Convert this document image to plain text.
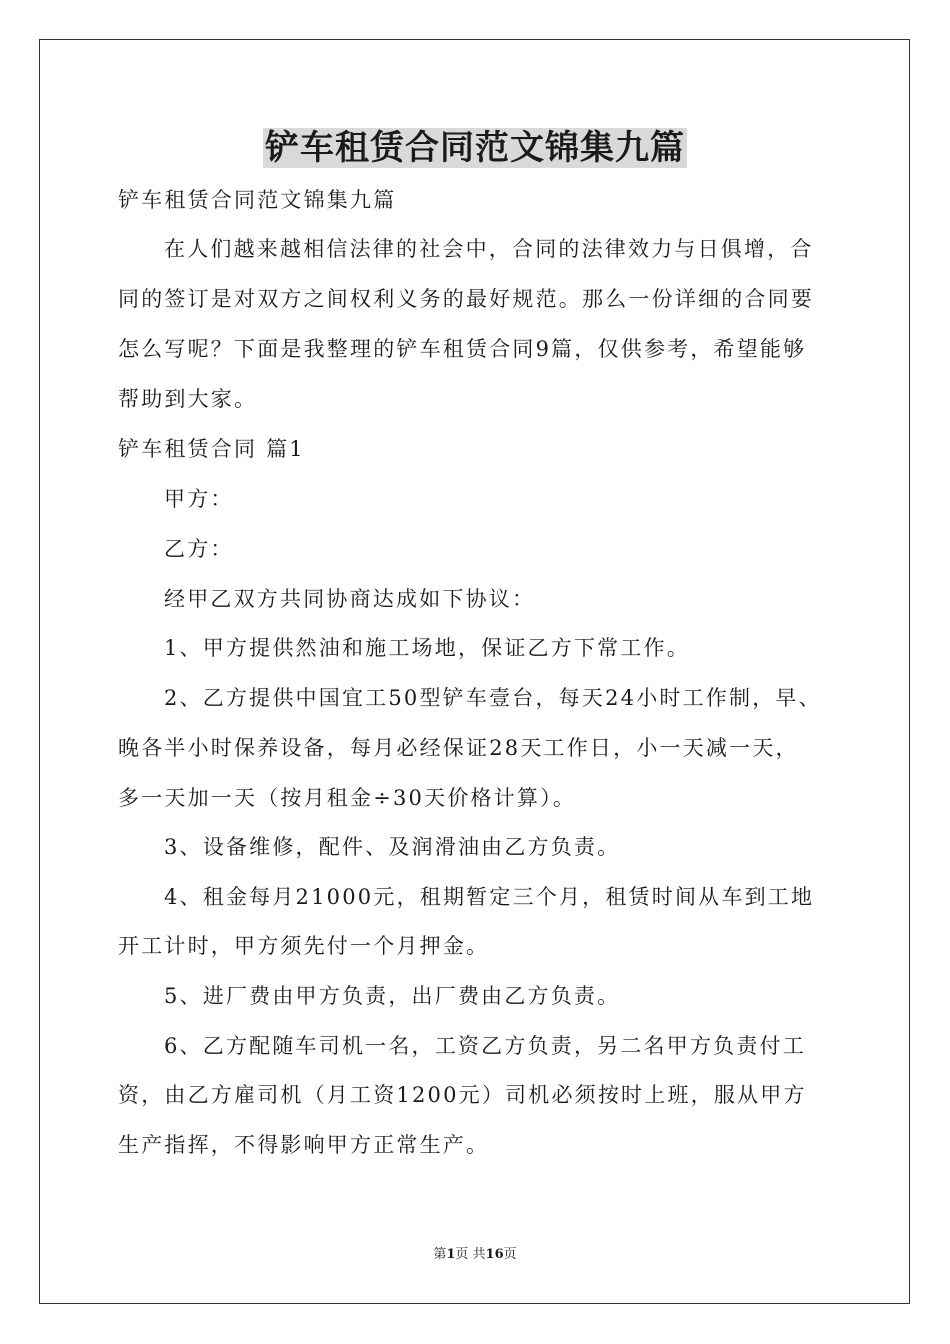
铲车租赁合同范文锦集九篇
铲车租赁合同范文锦集九篇
在人们越来越相信法律的社会中，合同的法律效力与日俱增，合
同的签订是对双方之间权利义务的最好规范。那么一份详细的合同要
怎么写呢？下面是我整理的铲车租赁合同9篇，仅供参考，希望能够
帮助到大家。
铲车租赁合同 篇1
甲方：
乙方：
经甲乙双方共同协商达成如下协议：
1、甲方提供然油和施工场地，保证乙方下常工作。
2、乙方提供中国宜工50型铲车壹台，每天24小时工作制，早、
晚各半小时保养设备，每月必经保证28天工作日，小一天减一天，
多一天加一天（按月租金÷30天价格计算）。
3、设备维修，配件、及润滑油由乙方负责。
4、租金每月21000元，租期暂定三个月，租赁时间从车到工地
开工计时，甲方须先付一个月押金。
5、进厂费由甲方负责，出厂费由乙方负责。
6、乙方配随车司机一名，工资乙方负责，另二名甲方负责付工
资，由乙方雇司机（月工资1200元）司机必须按时上班，服从甲方
生产指挥，不得影响甲方正常生产。
第1页 共16页
